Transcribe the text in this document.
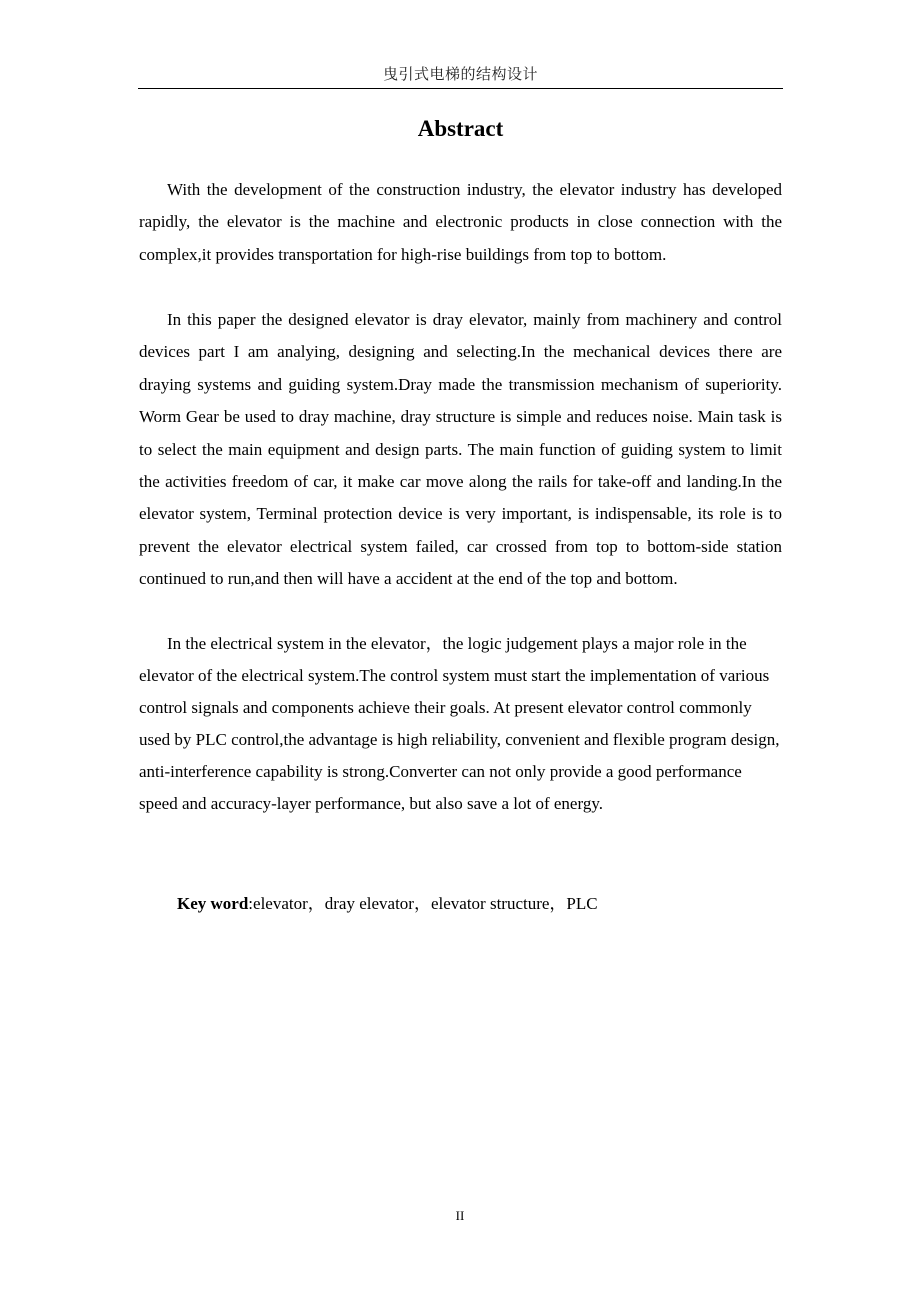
曳引式电梯的结构设计
Abstract

With the development of the construction industry, the elevator industry has developed rapidly, the elevator is the machine and electronic products in close connection with the complex,it provides transportation for high-rise buildings from top to bottom.

In this paper the designed elevator is dray elevator, mainly from machinery and control devices part I am analying, designing and selecting.In the mechanical devices there are draying systems and guiding system.Dray made the transmission mechanism of superiority. Worm Gear be used to dray machine, dray structure is simple and reduces noise. Main task is to select the main equipment and design parts. The main function of guiding system to limit the activities freedom of car, it make car move along the rails for take-off and landing.In the elevator system, Terminal protection device is very important, is indispensable, its role is to prevent the elevator electrical system failed, car crossed from top to bottom-side station continued to run,and then will have a accident at the end of the top and bottom.

In the electrical system in the elevator，the logic judgement plays a major role in the elevator of the electrical system.The control system must start the implementation of various control signals and components achieve their goals. At present elevator control commonly used by PLC control,the advantage is high reliability, convenient and flexible program design, anti-interference capability is strong.Converter can not only provide a good performance speed and accuracy-layer performance, but also save a lot of energy.

Key word:elevator，dray elevator，elevator structure，PLC
II
